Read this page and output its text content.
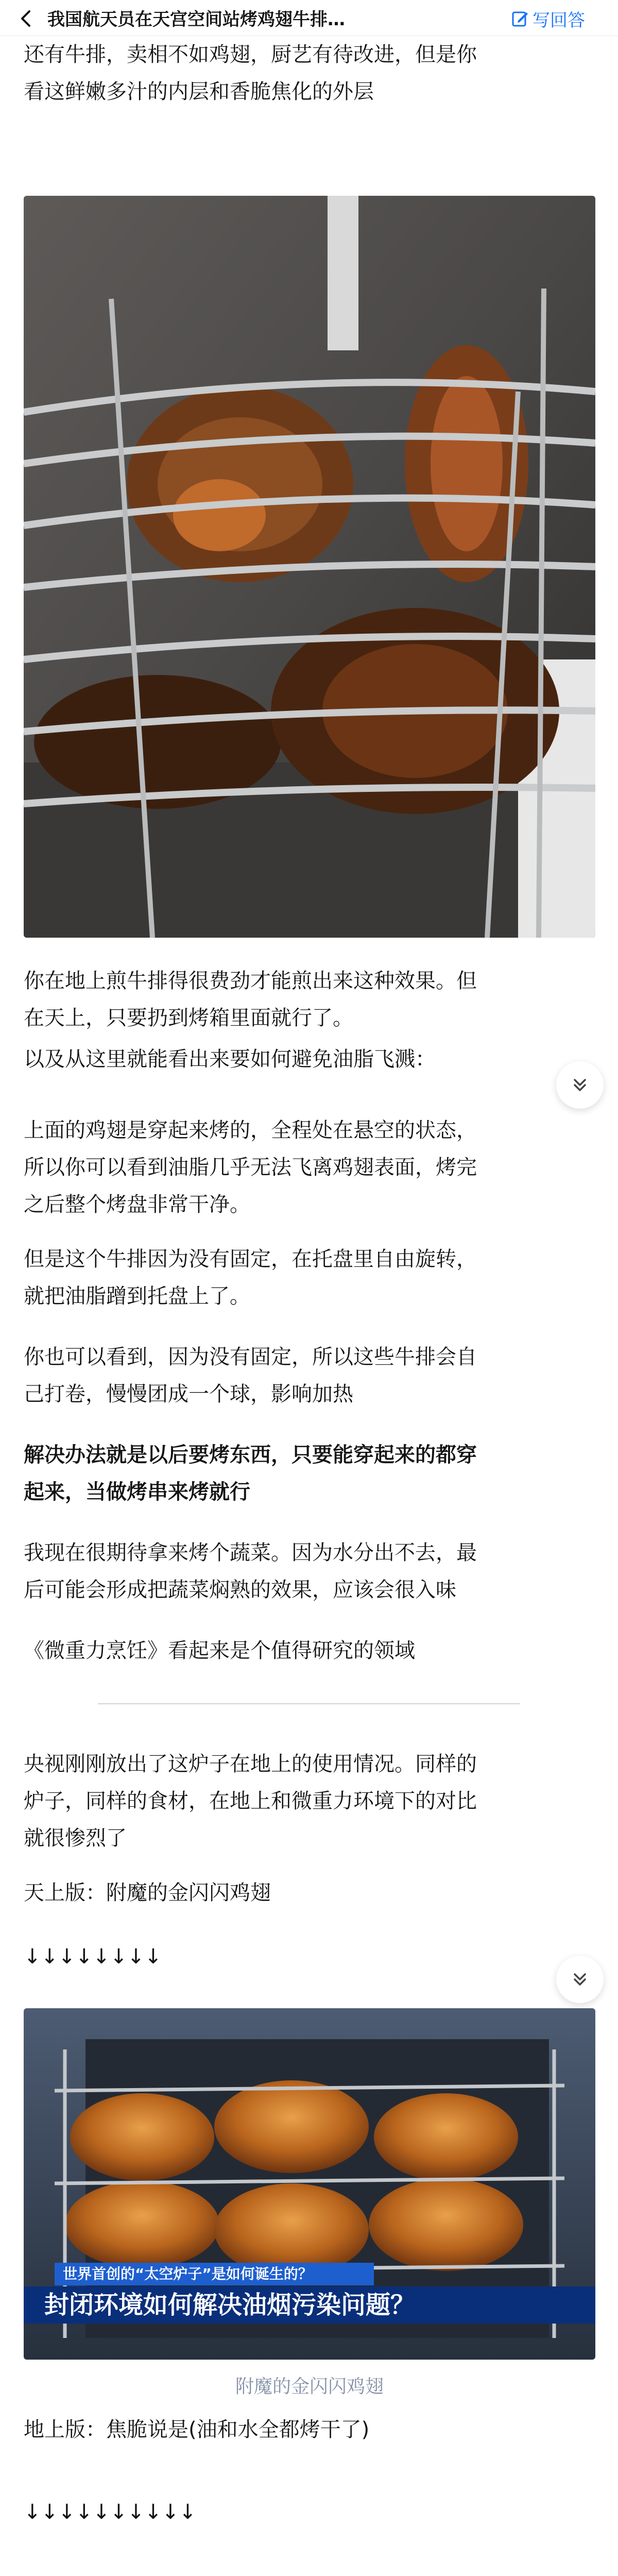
我国航天员在天宫空间站烤鸡翅牛排…	写回答
还有牛排，卖相不如鸡翅，厨艺有待改进，但是你
看这鲜嫩多汁的内层和香脆焦化的外层
你在地上煎牛排得很费劲才能煎出来这种效果。但
在天上，只要扔到烤箱里面就行了。
以及从这里就能看出来要如何避免油脂飞溅：
上面的鸡翅是穿起来烤的，全程处在悬空的状态，
所以你可以看到油脂几乎无法飞离鸡翅表面，烤完
之后整个烤盘非常干净。
但是这个牛排因为没有固定，在托盘里自由旋转，
就把油脂蹭到托盘上了。
你也可以看到，因为没有固定，所以这些牛排会自
己打卷，慢慢团成一个球，影响加热
解决办法就是以后要烤东西，只要能穿起来的都穿
起来，当做烤串来烤就行
我现在很期待拿来烤个蔬菜。因为水分出不去，最
后可能会形成把蔬菜焖熟的效果，应该会很入味
《微重力烹饪》看起来是个值得研究的领域
央视刚刚放出了这炉子在地上的使用情况。同样的
炉子，同样的食材，在地上和微重力环境下的对比
就很惨烈了
天上版：附魔的金闪闪鸡翅
↓↓↓↓↓↓↓↓
世界首创的“太空炉子”是如何诞生的？
封闭环境如何解决油烟污染问题？
附魔的金闪闪鸡翅
地上版：焦脆说是(油和水全都烤干了)
↓↓↓↓↓↓↓↓↓↓
